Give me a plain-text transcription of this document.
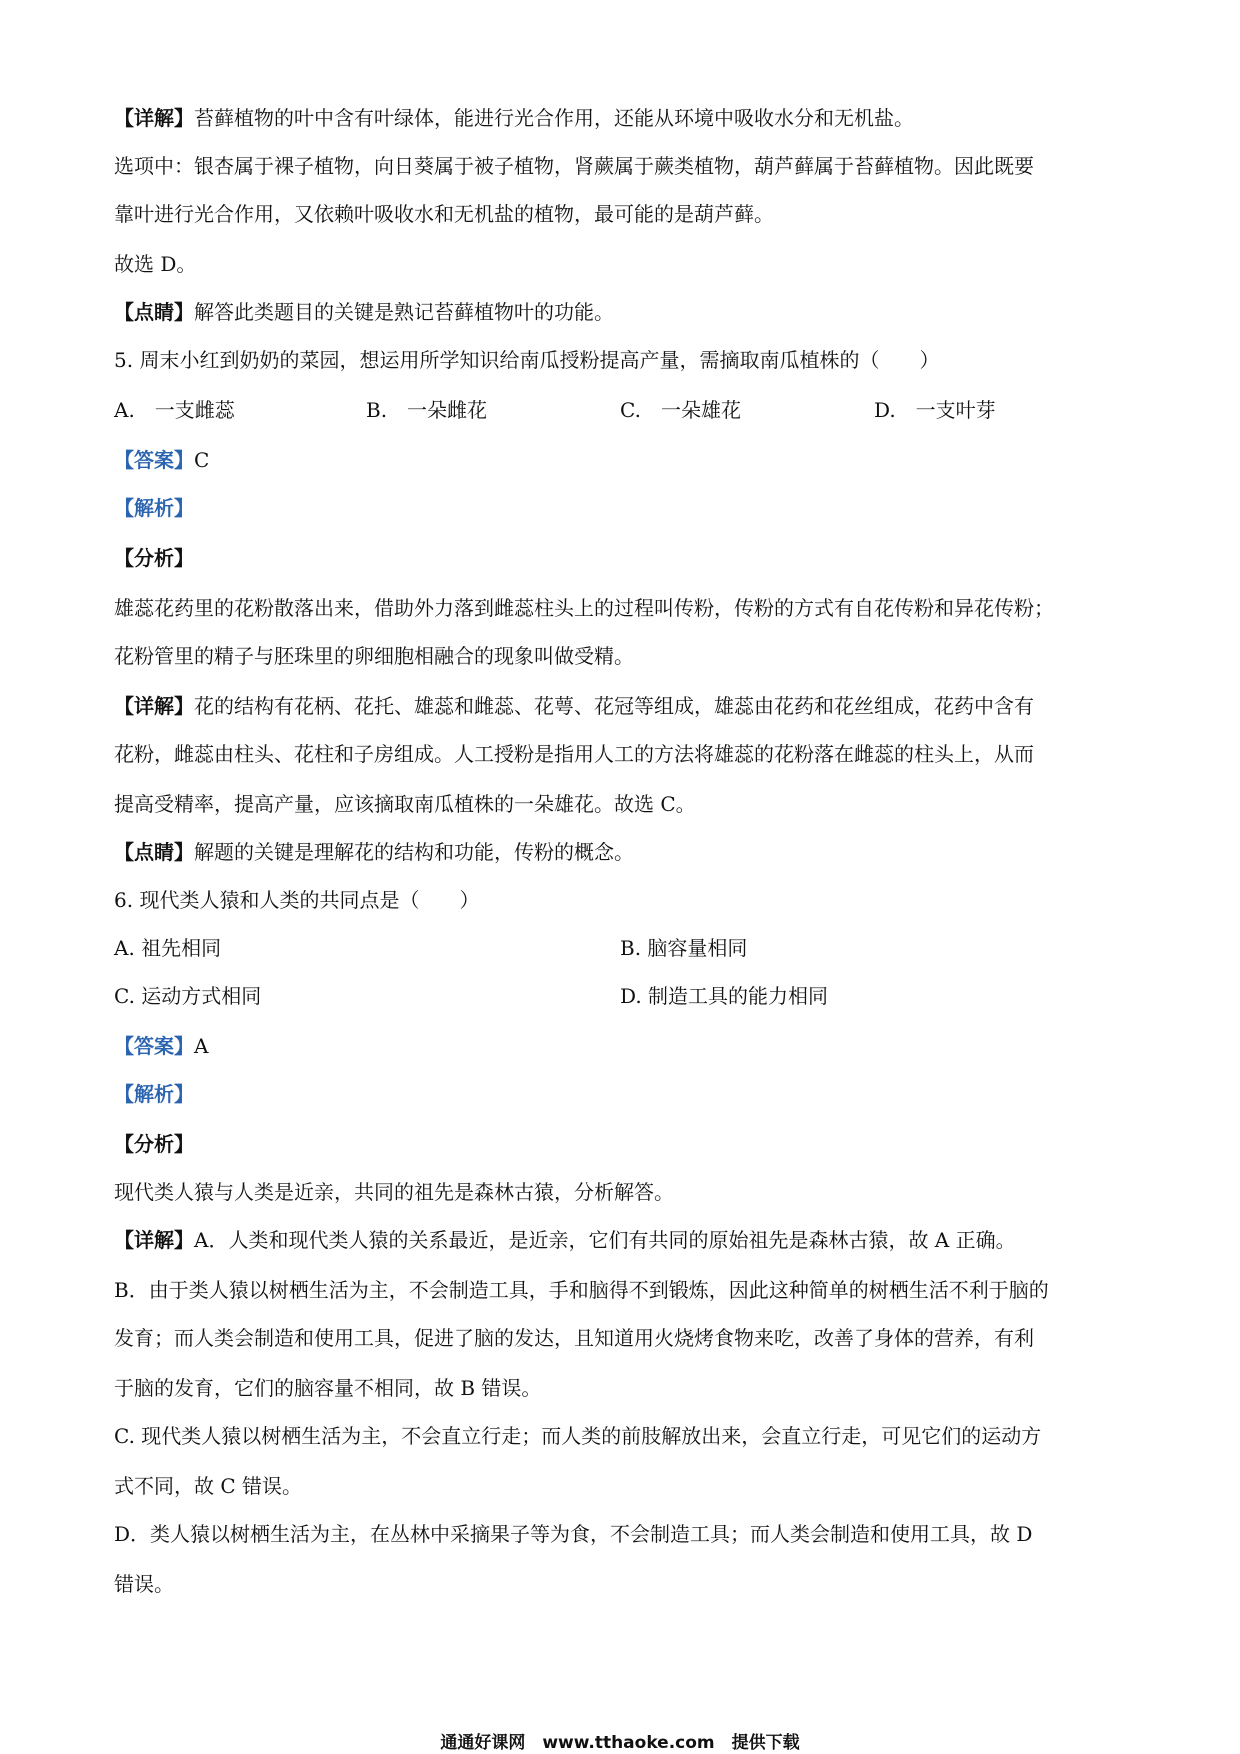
【详解】苔藓植物的叶中含有叶绿体，能进行光合作用，还能从环境中吸收水分和无机盐。
选项中：银杏属于裸子植物，向日葵属于被子植物，肾蕨属于蕨类植物，葫芦藓属于苔藓植物。因此既要
靠叶进行光合作用，又依赖叶吸收水和无机盐的植物，最可能的是葫芦藓。
故选 D。
【点睛】解答此类题目的关键是熟记苔藓植物叶的功能。
5. 周末小红到奶奶的菜园，想运用所学知识给南瓜授粉提高产量，需摘取南瓜植株的（　　）
A.　一支雌蕊	B.　一朵雌花	C.　一朵雄花	D.　一支叶芽
【答案】C
【解析】
【分析】
雄蕊花药里的花粉散落出来，借助外力落到雌蕊柱头上的过程叫传粉，传粉的方式有自花传粉和异花传粉；
花粉管里的精子与胚珠里的卵细胞相融合的现象叫做受精。
【详解】花的结构有花柄、花托、雄蕊和雌蕊、花萼、花冠等组成，雄蕊由花药和花丝组成，花药中含有
花粉，雌蕊由柱头、花柱和子房组成。人工授粉是指用人工的方法将雄蕊的花粉落在雌蕊的柱头上，从而
提高受精率，提高产量，应该摘取南瓜植株的一朵雄花。故选 C。
【点睛】解题的关键是理解花的结构和功能，传粉的概念。
6. 现代类人猿和人类的共同点是（　　）
A. 祖先相同	B. 脑容量相同
C. 运动方式相同	D. 制造工具的能力相同
【答案】A
【解析】
【分析】
现代类人猿与人类是近亲，共同的祖先是森林古猿，分析解答。
【详解】A．人类和现代类人猿的关系最近，是近亲，它们有共同的原始祖先是森林古猿，故 A 正确。
B．由于类人猿以树栖生活为主，不会制造工具，手和脑得不到锻炼，因此这种简单的树栖生活不利于脑的
发育；而人类会制造和使用工具，促进了脑的发达，且知道用火烧烤食物来吃，改善了身体的营养，有利
于脑的发育，它们的脑容量不相同，故 B 错误。
C. 现代类人猿以树栖生活为主，不会直立行走；而人类的前肢解放出来，会直立行走，可见它们的运动方
式不同，故 C 错误。
D．类人猿以树栖生活为主，在丛林中采摘果子等为食，不会制造工具；而人类会制造和使用工具，故 D
错误。
通通好课网　www.tthaoke.com　提供下载
